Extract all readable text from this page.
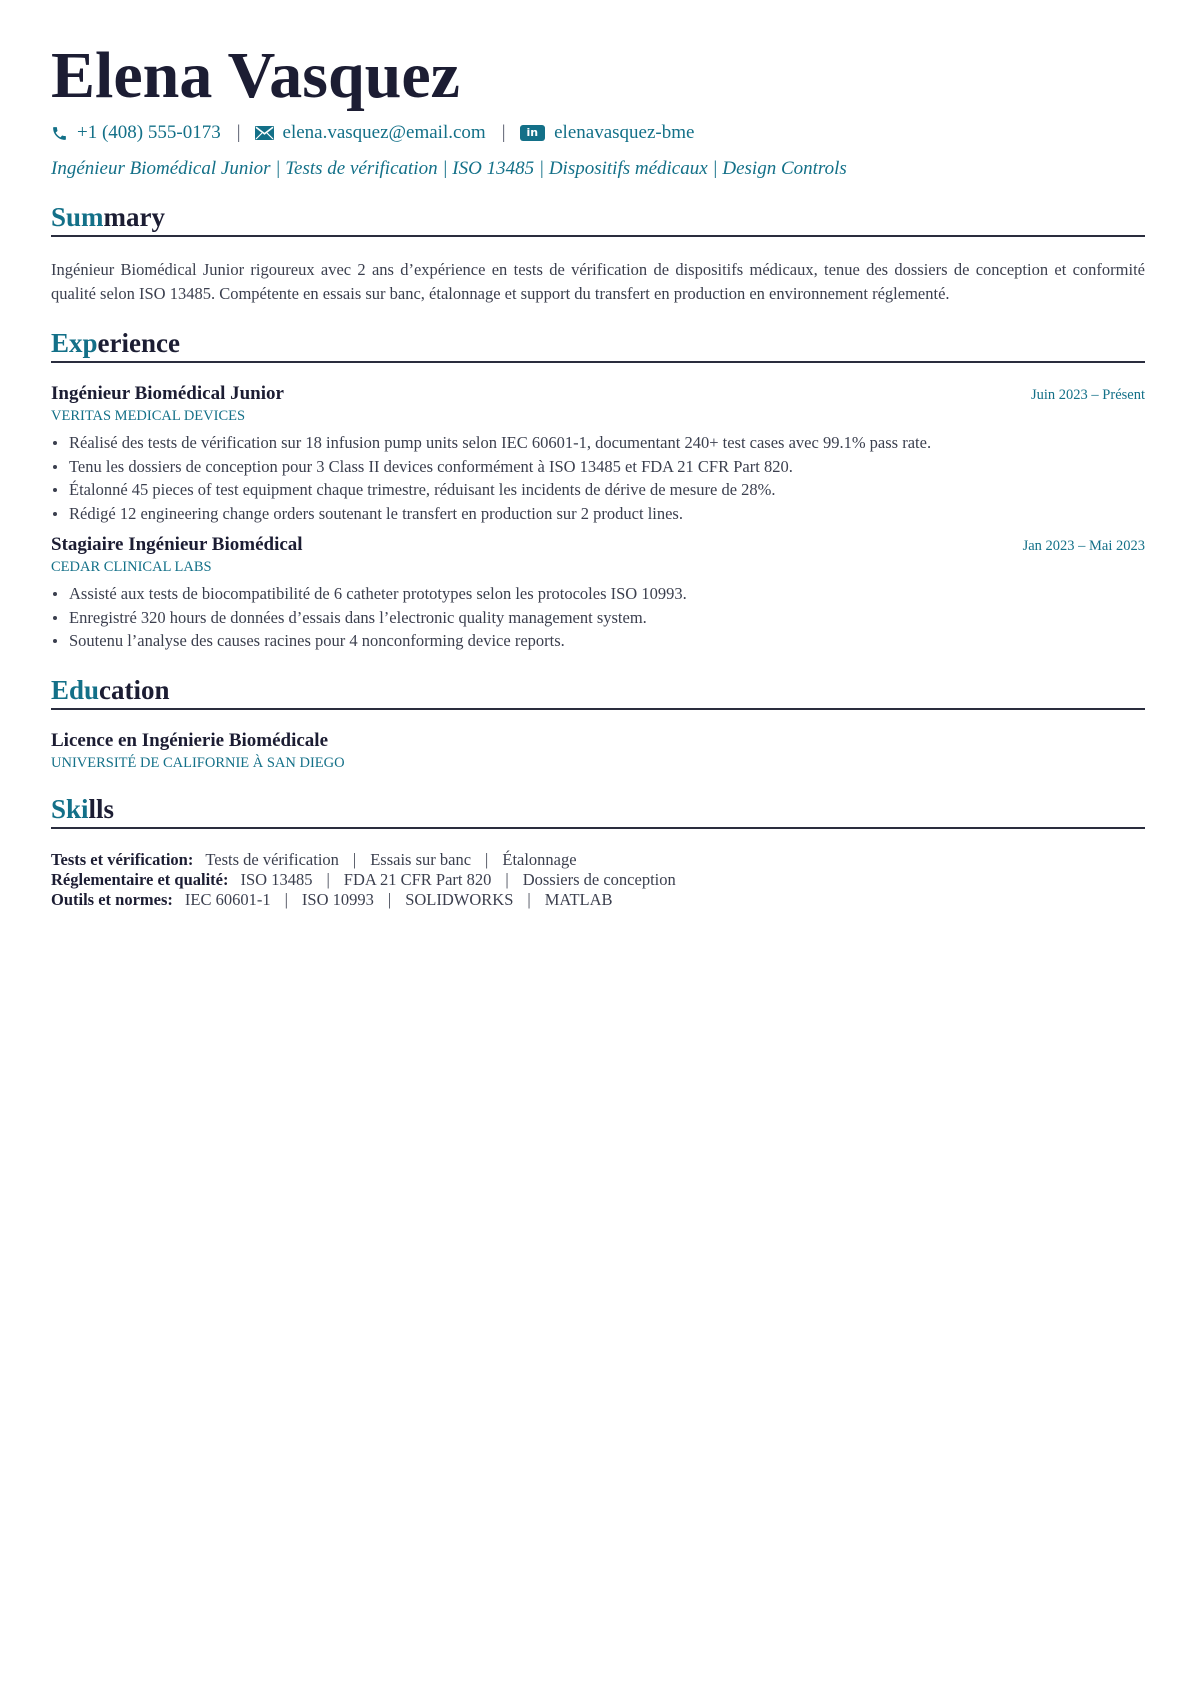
Elena Vasquez
+1 (408) 555-0173 | elena.vasquez@email.com |	in elenavasquez-bme
Ingénieur Biomédical Junior | Tests de vérification | ISO 13485 | Dispositifs médicaux | Design Controls
Summary

Ingénieur Biomédical Junior rigoureux avec 2 ans d’expérience en tests de vérification de dispositifs médicaux, tenue des dossiers de conception et conformité qualité selon ISO 13485. Compétente en essais sur banc, étalonnage et support du transfert en production en environnement réglementé.

Experience
Ingénieur Biomédical Junior	Juin 2023 – Présent
VERITAS MEDICAL DEVICES
Réalisé des tests de vérification sur 18 infusion pump units selon IEC 60601-1, documentant 240+ test cases avec 99.1% pass rate.
Tenu les dossiers de conception pour 3 Class II devices conformément à ISO 13485 et FDA 21 CFR Part 820.
Étalonné 45 pieces of test equipment chaque trimestre, réduisant les incidents de dérive de mesure de 28%.
Rédigé 12 engineering change orders soutenant le transfert en production sur 2 product lines.
Stagiaire Ingénieur Biomédical	Jan 2023 – Mai 2023
CEDAR CLINICAL LABS
Assisté aux tests de biocompatibilité de 6 catheter prototypes selon les protocoles ISO 10993.
Enregistré 320 hours de données d’essais dans l’electronic quality management system.
Soutenu l’analyse des causes racines pour 4 nonconforming device reports.
Education
Licence en Ingénierie Biomédicale
UNIVERSITÉ DE CALIFORNIE À SAN DIEGO
Skills
Tests et vérification: Tests de vérification | Essais sur banc | Étalonnage
Réglementaire et qualité: ISO 13485 | FDA 21 CFR Part 820 | Dossiers de conception
Outils et normes: IEC 60601-1 | ISO 10993 | SOLIDWORKS | MATLAB
